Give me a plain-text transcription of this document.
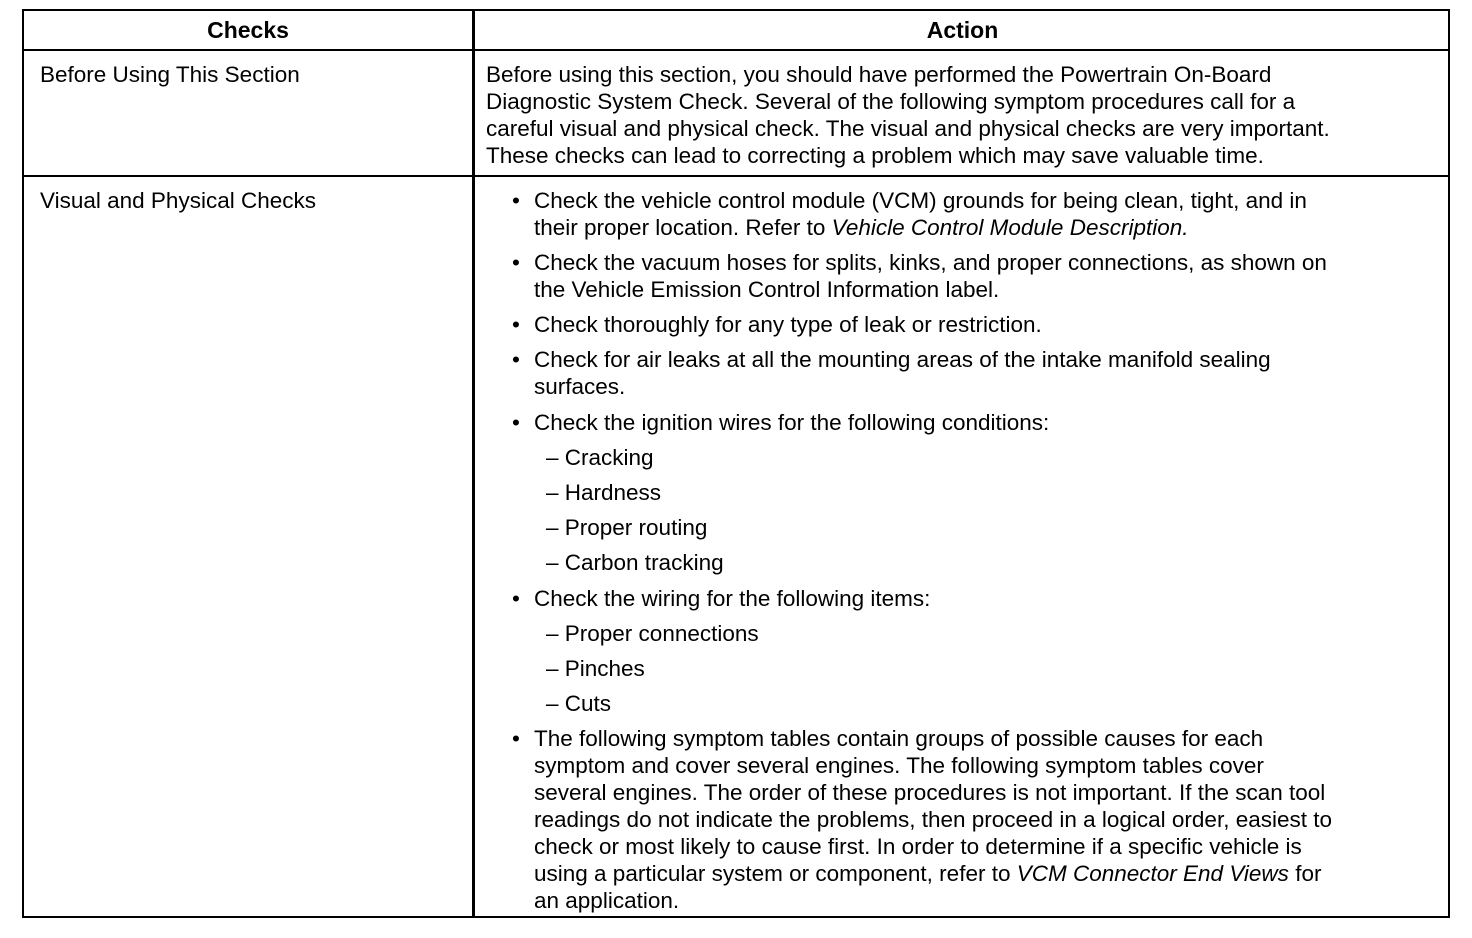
Checks	Action
Before Using This Section	Before using this section, you should have performed the Powertrain On-Board
Diagnostic System Check. Several of the following symptom procedures call for a
careful visual and physical check. The visual and physical checks are very important.
These checks can lead to correcting a problem which may save valuable time.
Visual and Physical Checks	• Check the vehicle control module (VCM) grounds for being clean, tight, and in
their proper location. Refer to Vehicle Control Module Description.
• Check the vacuum hoses for splits, kinks, and proper connections, as shown on
the Vehicle Emission Control Information label.
• Check thoroughly for any type of leak or restriction.
• Check for air leaks at all the mounting areas of the intake manifold sealing
surfaces.
• Check the ignition wires for the following conditions:
– Cracking
– Hardness
– Proper routing
– Carbon tracking
• Check the wiring for the following items:
– Proper connections
– Pinches
– Cuts
• The following symptom tables contain groups of possible causes for each
symptom and cover several engines. The following symptom tables cover
several engines. The order of these procedures is not important. If the scan tool
readings do not indicate the problems, then proceed in a logical order, easiest to
check or most likely to cause first. In order to determine if a specific vehicle is
using a particular system or component, refer to VCM Connector End Views for
an application.
